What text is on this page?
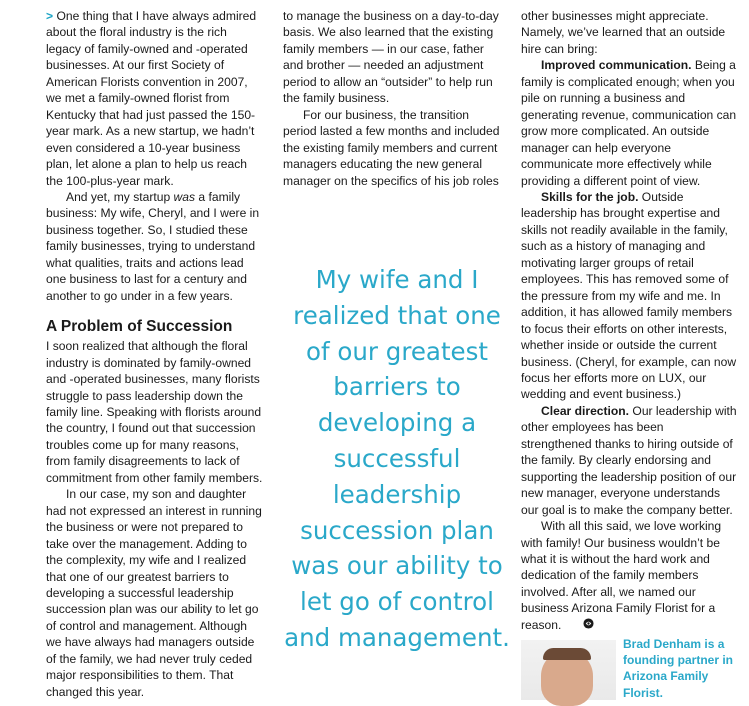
> One thing that I have always admired about the floral industry is the rich legacy of family-owned and -operated businesses. At our first Society of American Florists convention in 2007, we met a family-owned florist from Kentucky that had just passed the 150-year mark. As a new startup, we hadn’t even considered a 10-year business plan, let alone a plan to help us reach the 100-plus-year mark.

And yet, my startup was a family business: My wife, Cheryl, and I were in business together. So, I studied these family businesses, trying to understand what qualities, traits and actions lead one business to last for a century and another to go under in a few years.

A Problem of Succession

I soon realized that although the floral industry is dominated by family-owned and -operated businesses, many florists struggle to pass leadership down the family line. Speaking with florists around the country, I found out that succession troubles come up for many reasons, from family disagreements to lack of commitment from other family members.

In our case, my son and daughter had not expressed an interest in running the business or were not prepared to take over the management. Adding to the complexity, my wife and I realized that one of our greatest barriers to developing a successful leadership succession plan was our ability to let go of control and management. Although we have always had managers outside of the family, we had never truly ceded major responsibilities to them. That changed this year.

to manage the business on a day-to-day basis. We also learned that the existing family members — in our case, father and brother — needed an adjustment period to allow an “outsider” to help run the family business.

For our business, the transition period lasted a few months and included the existing family members and current managers educating the new general manager on the specifics of his job roles

My wife and I realized that one of our greatest barriers to developing a successful leadership succession plan was our ability to let go of control and management.

other businesses might appreciate. Namely, we’ve learned that an outside hire can bring:

Improved communication. Being a family is complicated enough; when you pile on running a business and generating revenue, communication can grow more complicated. An outside manager can help everyone communicate more effectively while providing a different point of view.

Skills for the job. Outside leadership has brought expertise and skills not readily available in the family, such as a history of managing and motivating larger groups of retail employees. This has removed some of the pressure from my wife and me. In addition, it has allowed family members to focus their efforts on other interests, whether inside or outside the current business. (Cheryl, for example, can now focus her efforts more on LUX, our wedding and event business.)

Clear direction. Our leadership with other employees has been strengthened thanks to hiring outside of the family. By clearly endorsing and supporting the leadership position of our new manager, everyone understands our goal is to make the company better.

With all this said, we love working with family! Our business wouldn’t be what it is without the hard work and dedication of the family members involved. After all, we named our business Arizona Family Florist for a reason.

Brad Denham is a founding partner in Arizona Family Florist.
